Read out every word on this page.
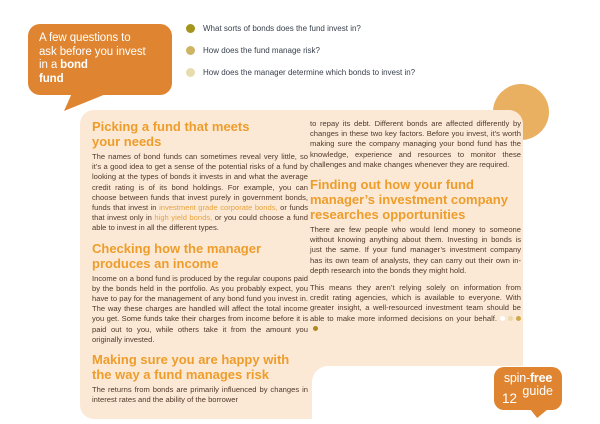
A few questions to
ask before you invest
in a bond
fund
What sorts of bonds does the fund invest in?
How does the fund manage risk?
How does the manager determine which bonds to invest in?
Picking a fund that meets
your needs

The names of bond funds can sometimes reveal very little, so it’s a good idea to get a sense of the potential risks of a fund by looking at the types of bonds it invests in and what the average credit rating is of its bond holdings. For example, you can choose between funds that invest purely in government bonds, funds that invest in investment grade corporate bonds, or funds that invest only in high yield bonds, or you could choose a fund able to invest in all the different types.

Checking how the manager
produces an income

Income on a bond fund is produced by the regular coupons paid by the bonds held in the portfolio. As you probably expect, you have to pay for the management of any bond fund you invest in. The way these charges are handled will affect the total income you get. Some funds take their charges from income before it is paid out to you, while others take it from the amount you originally invested.

Making sure you are happy with
the way a fund manages risk

The returns from bonds are primarily influenced by changes in interest rates and the ability of the borrower

to repay its debt. Different bonds are affected differently by changes in these two key factors. Before you invest, it’s worth making sure the company managing your bond fund has the knowledge, experience and resources to monitor these challenges and make changes whenever they are required.

Finding out how your fund
manager’s investment company
researches opportunities

There are few people who would lend money to someone without knowing anything about them. Investing in bonds is just the same. If your fund manager’s investment company has its own team of analysts, they can carry out their own in-depth research into the bonds they might hold.

This means they aren’t relying solely on information from credit rating agencies, which is available to everyone. With greater insight, a well-resourced investment team should be able to make more informed decisions on your behalf.

spin-free
guide
12
